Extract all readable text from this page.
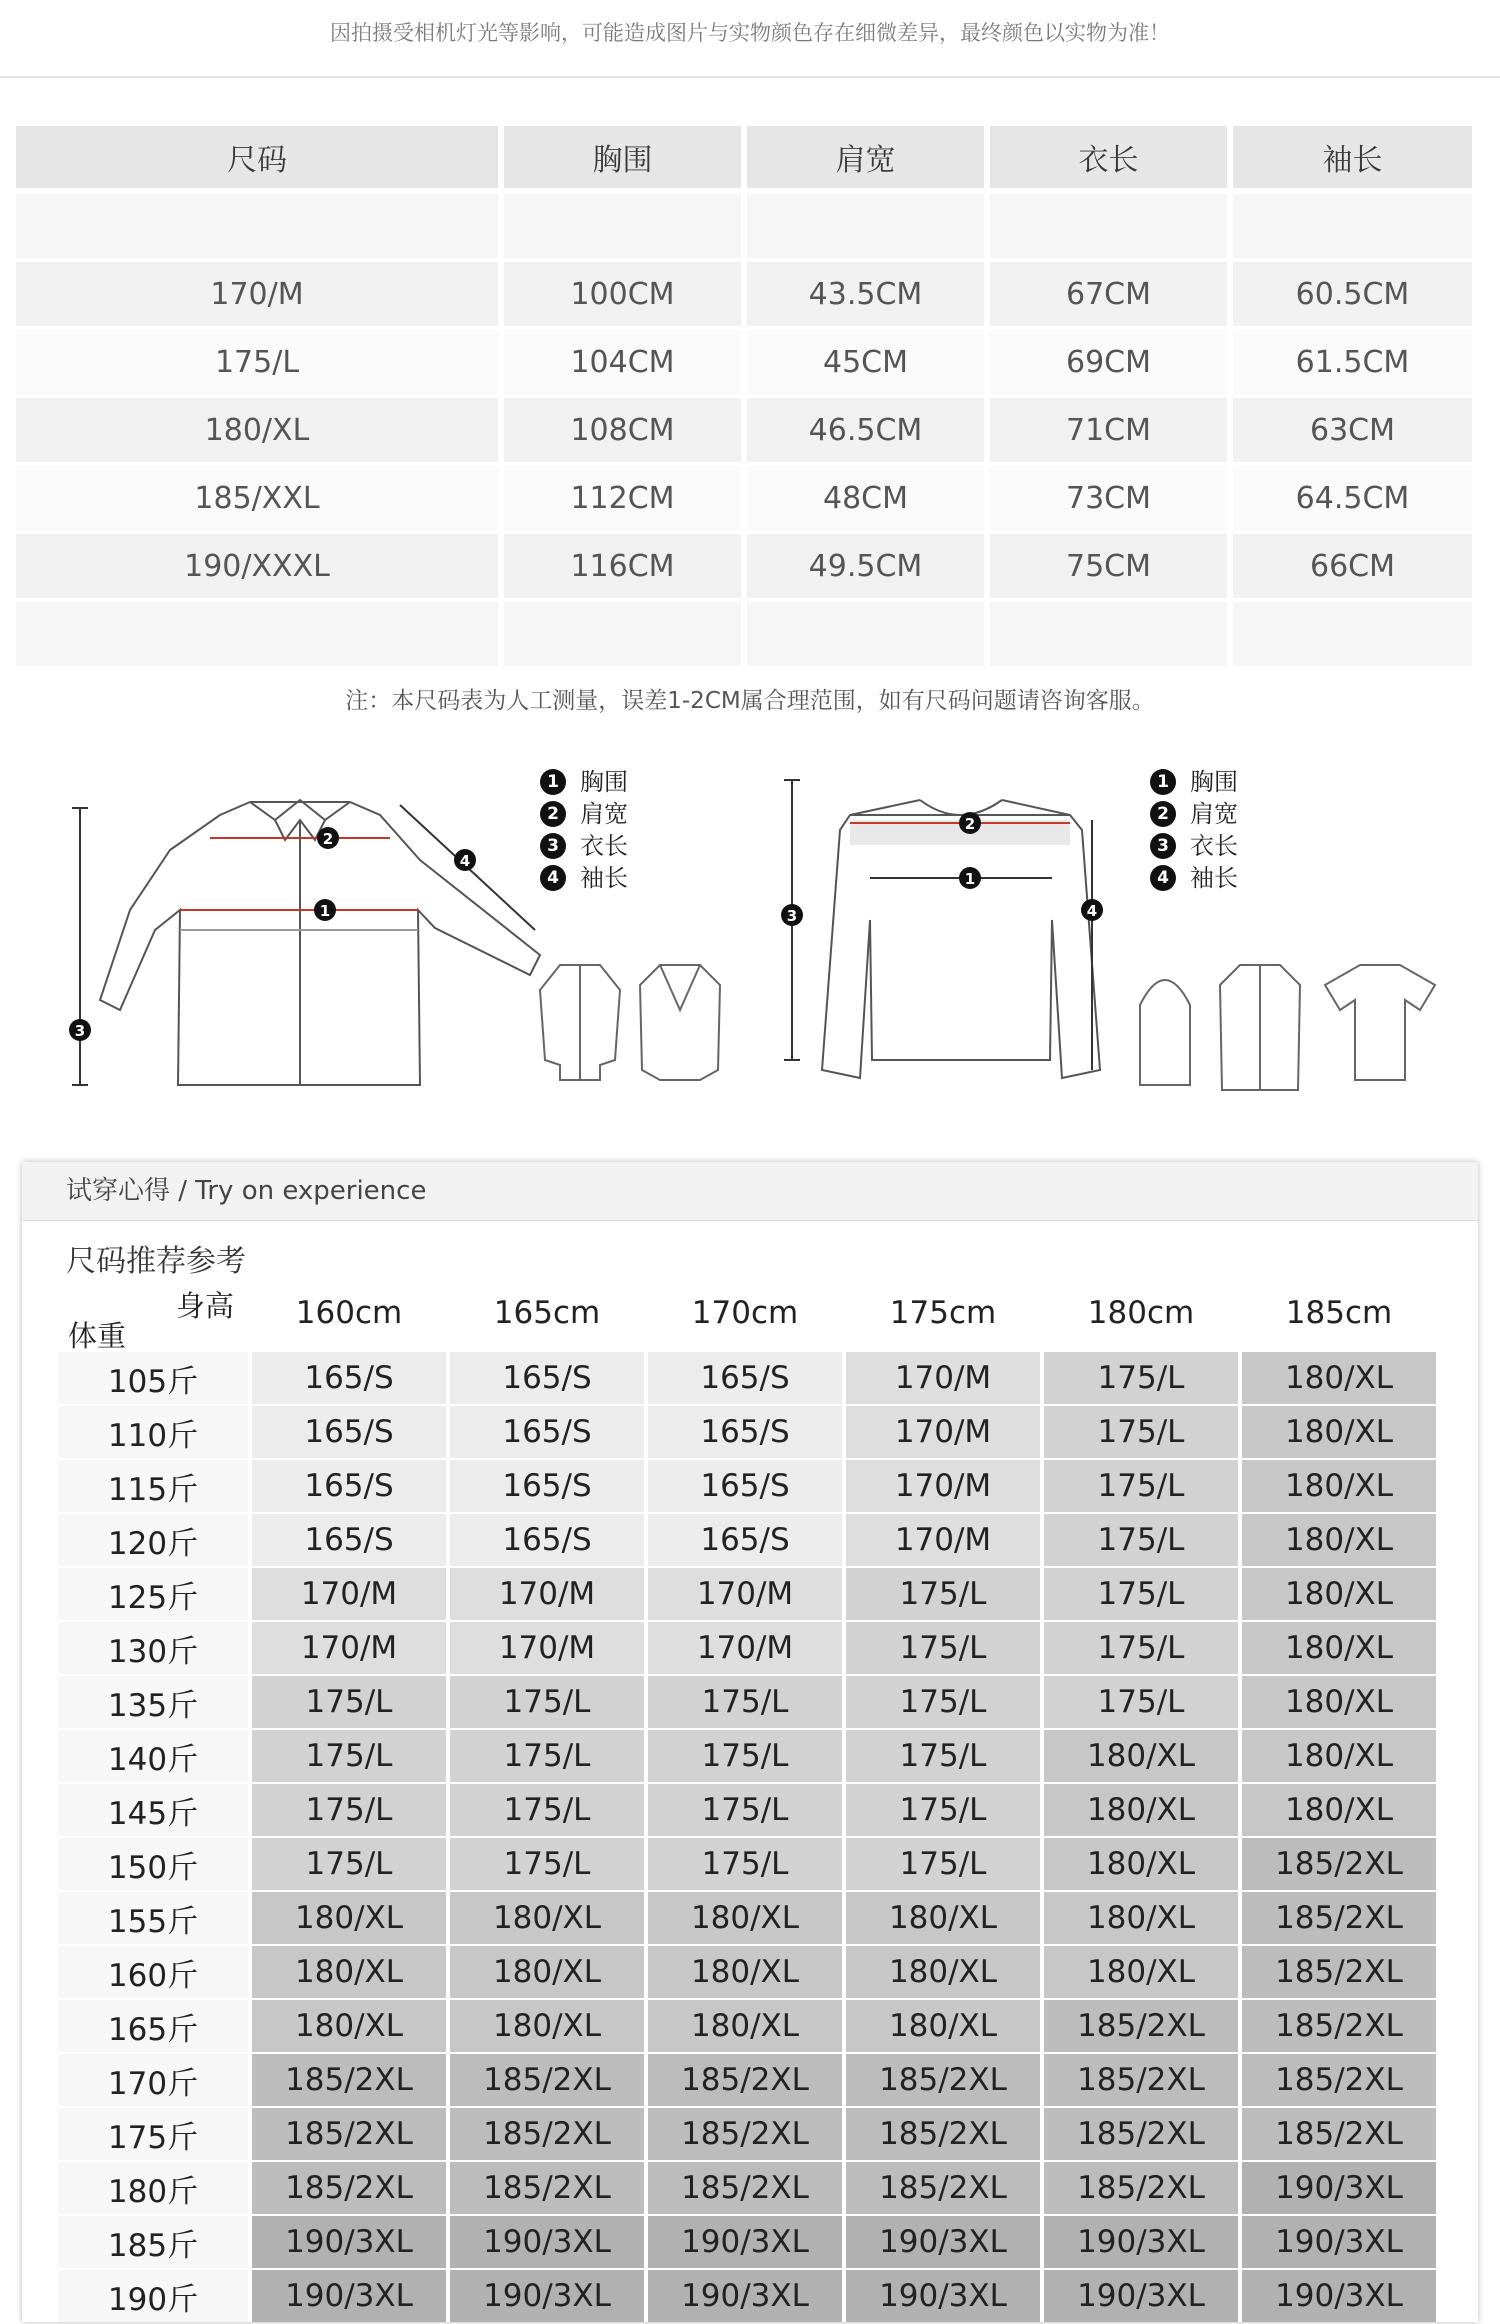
因拍摄受相机灯光等影响，可能造成图片与实物颜色存在细微差异，最终颜色以实物为准！
尺码	胸围	肩宽	衣长	袖长
170/M	100CM	43.5CM	67CM	60.5CM
175/L	104CM	45CM	69CM	61.5CM
180/XL	108CM	46.5CM	71CM	63CM
185/XXL	112CM	48CM	73CM	64.5CM
190/XXXL	116CM	49.5CM	75CM	66CM
注：本尺码表为人工测量，误差1-2CM属合理范围，如有尺码问题请咨询客服。
1
2
3
4
1 胸围
2 肩宽
3 衣长
4 袖长
2
1
3	4
1 胸围
2 肩宽
3 衣长
4 袖长
试穿心得 / Try on experience
尺码推荐参考
身高
体重
160cm	165cm	170cm	175cm	180cm	185cm
105斤	165/S	165/S	165/S	170/M	175/L	180/XL
110斤	165/S	165/S	165/S	170/M	175/L	180/XL
115斤	165/S	165/S	165/S	170/M	175/L	180/XL
120斤	165/S	165/S	165/S	170/M	175/L	180/XL
125斤	170/M	170/M	170/M	175/L	175/L	180/XL
130斤	170/M	170/M	170/M	175/L	175/L	180/XL
135斤	175/L	175/L	175/L	175/L	175/L	180/XL
140斤	175/L	175/L	175/L	175/L	180/XL	180/XL
145斤	175/L	175/L	175/L	175/L	180/XL	180/XL
150斤	175/L	175/L	175/L	175/L	180/XL	185/2XL
155斤	180/XL	180/XL	180/XL	180/XL	180/XL	185/2XL
160斤	180/XL	180/XL	180/XL	180/XL	180/XL	185/2XL
165斤	180/XL	180/XL	180/XL	180/XL	185/2XL	185/2XL
170斤	185/2XL	185/2XL	185/2XL	185/2XL	185/2XL	185/2XL
175斤	185/2XL	185/2XL	185/2XL	185/2XL	185/2XL	185/2XL
180斤	185/2XL	185/2XL	185/2XL	185/2XL	185/2XL	190/3XL
185斤	190/3XL	190/3XL	190/3XL	190/3XL	190/3XL	190/3XL
190斤	190/3XL	190/3XL	190/3XL	190/3XL	190/3XL	190/3XL
